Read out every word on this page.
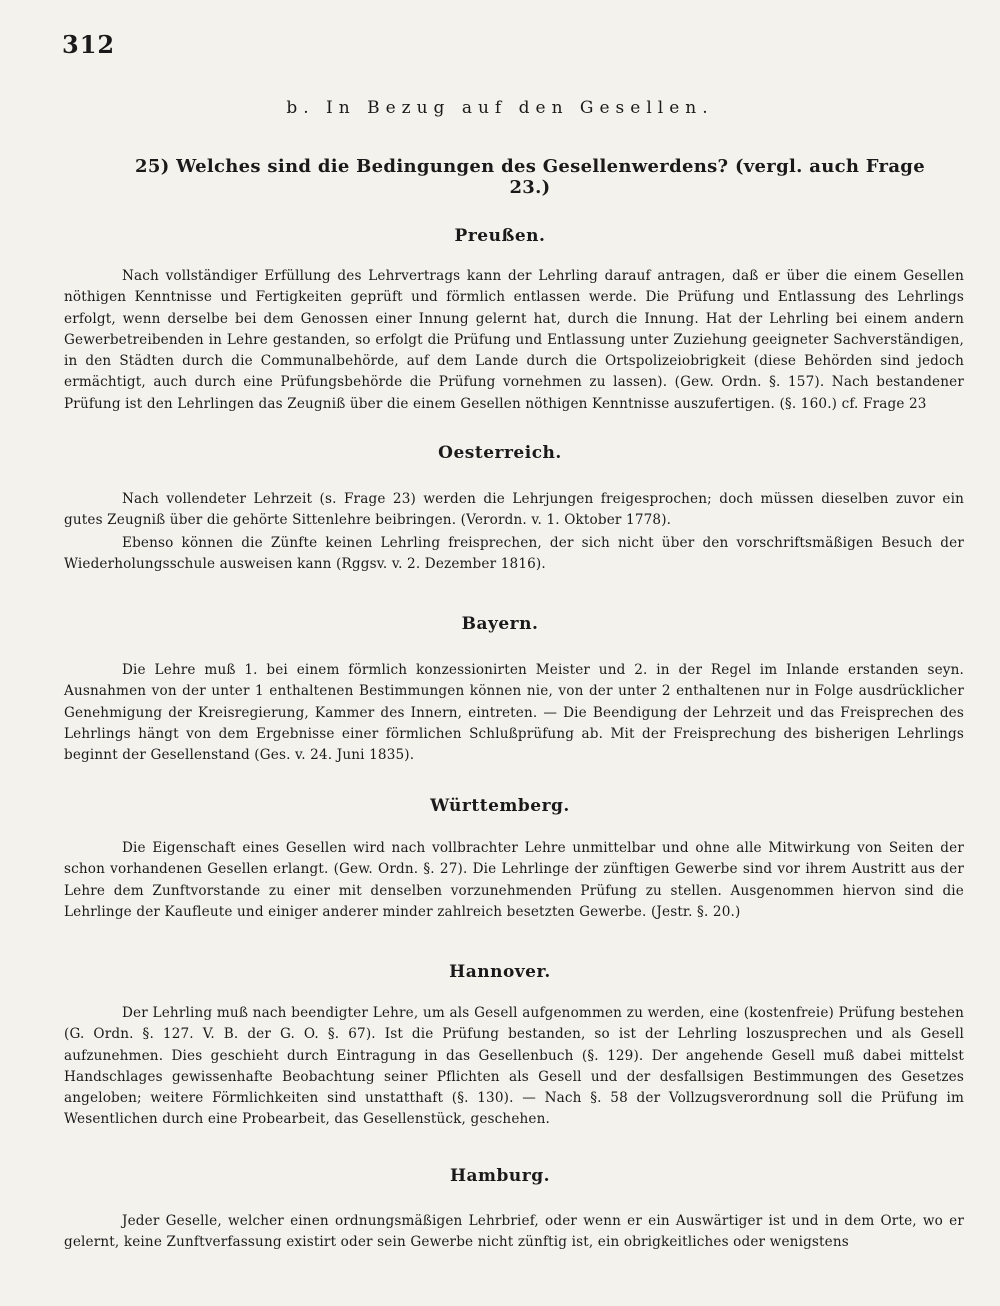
312
b. In Bezug auf den Gesellen.
25) Welches sind die Bedingungen des Gesellenwerdens? (vergl. auch Frage 23.)
Preußen.
Nach vollständiger Erfüllung des Lehrvertrags kann der Lehrling darauf antragen, daß er über die einem Gesellen nöthigen Kenntnisse und Fertigkeiten geprüft und förmlich entlassen werde. Die Prüfung und Entlassung des Lehrlings erfolgt, wenn derselbe bei dem Genossen einer Innung gelernt hat, durch die Innung. Hat der Lehrling bei einem andern Gewerbetreibenden in Lehre gestanden, so erfolgt die Prüfung und Entlassung unter Zuziehung geeigneter Sachverständigen, in den Städten durch die Communalbehörde, auf dem Lande durch die Ortspolizeiobrigkeit (diese Behörden sind jedoch ermächtigt, auch durch eine Prüfungsbehörde die Prüfung vornehmen zu lassen). (Gew. Ordn. §. 157). Nach bestandener Prüfung ist den Lehrlingen das Zeugniß über die einem Gesellen nöthigen Kenntnisse auszufertigen. (§. 160.) cf. Frage 23
Oesterreich.
Nach vollendeter Lehrzeit (s. Frage 23) werden die Lehrjungen freigesprochen; doch müssen dieselben zuvor ein gutes Zeugniß über die gehörte Sittenlehre beibringen. (Verordn. v. 1. Oktober 1778).
Ebenso können die Zünfte keinen Lehrling freisprechen, der sich nicht über den vorschriftsmäßigen Besuch der Wiederholungsschule ausweisen kann (Rggsv. v. 2. Dezember 1816).
Bayern.
Die Lehre muß 1. bei einem förmlich konzessionirten Meister und 2. in der Regel im Inlande erstanden seyn. Ausnahmen von der unter 1 enthaltenen Bestimmungen können nie, von der unter 2 enthaltenen nur in Folge ausdrücklicher Genehmigung der Kreisregierung, Kammer des Innern, eintreten. — Die Beendigung der Lehrzeit und das Freisprechen des Lehrlings hängt von dem Ergebnisse einer förmlichen Schlußprüfung ab. Mit der Freisprechung des bisherigen Lehrlings beginnt der Gesellenstand (Ges. v. 24. Juni 1835).
Württemberg.
Die Eigenschaft eines Gesellen wird nach vollbrachter Lehre unmittelbar und ohne alle Mitwirkung von Seiten der schon vorhandenen Gesellen erlangt. (Gew. Ordn. §. 27). Die Lehrlinge der zünftigen Gewerbe sind vor ihrem Austritt aus der Lehre dem Zunftvorstande zu einer mit denselben vorzunehmenden Prüfung zu stellen. Ausgenommen hiervon sind die Lehrlinge der Kaufleute und einiger anderer minder zahlreich besetzten Gewerbe. (Jestr. §. 20.)
Hannover.
Der Lehrling muß nach beendigter Lehre, um als Gesell aufgenommen zu werden, eine (kostenfreie) Prüfung bestehen (G. Ordn. §. 127. V. B. der G. O. §. 67). Ist die Prüfung bestanden, so ist der Lehrling loszusprechen und als Gesell aufzunehmen. Dies geschieht durch Eintragung in das Gesellenbuch (§. 129). Der angehende Gesell muß dabei mittelst Handschlages gewissenhafte Beobachtung seiner Pflichten als Gesell und der desfallsigen Bestimmungen des Gesetzes angeloben; weitere Förmlichkeiten sind unstatthaft (§. 130). — Nach §. 58 der Vollzugsverordnung soll die Prüfung im Wesentlichen durch eine Probearbeit, das Gesellenstück, geschehen.
Hamburg.
Jeder Geselle, welcher einen ordnungsmäßigen Lehrbrief, oder wenn er ein Auswärtiger ist und in dem Orte, wo er gelernt, keine Zunftverfassung existirt oder sein Gewerbe nicht zünftig ist, ein obrigkeitliches oder wenigstens
